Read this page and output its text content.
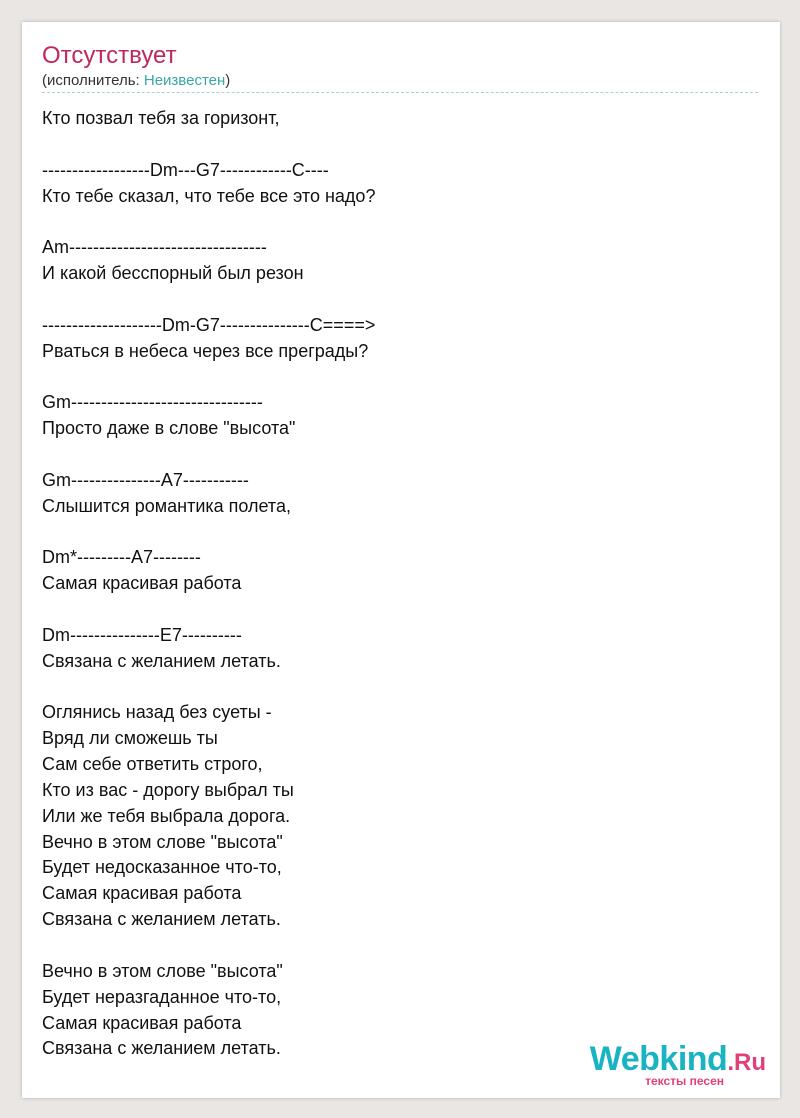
Отсутствует
(исполнитель: Неизвестен)
Кто позвал тебя за горизонт,

------------------Dm---G7------------C----
Кто тебе сказал, что тебе все это надо?

Am---------------------------------
И какой бесспорный был резон

--------------------Dm-G7---------------C====>
Рваться в небеса через все преграды?

Gm--------------------------------
Просто даже в слове "высота"

Gm---------------A7-----------
Слышится романтика полета,

Dm*---------A7--------
Самая красивая работа

Dm---------------E7----------
Связана с желанием летать.

Оглянись назад без суеты -
Вряд ли сможешь ты
Сам себе ответить строго,
Кто из вас - дорогу выбрал ты
Или же тебя выбрала дорога.
Вечно в этом слове "высота"
Будет недосказанное что-то,
Самая красивая работа
Связана с желанием летать.

Вечно в этом слове "высота"
Будет неразгаданное что-то,
Самая красивая работа
Связана с желанием летать.	Webkind.Ru
тексты песен
